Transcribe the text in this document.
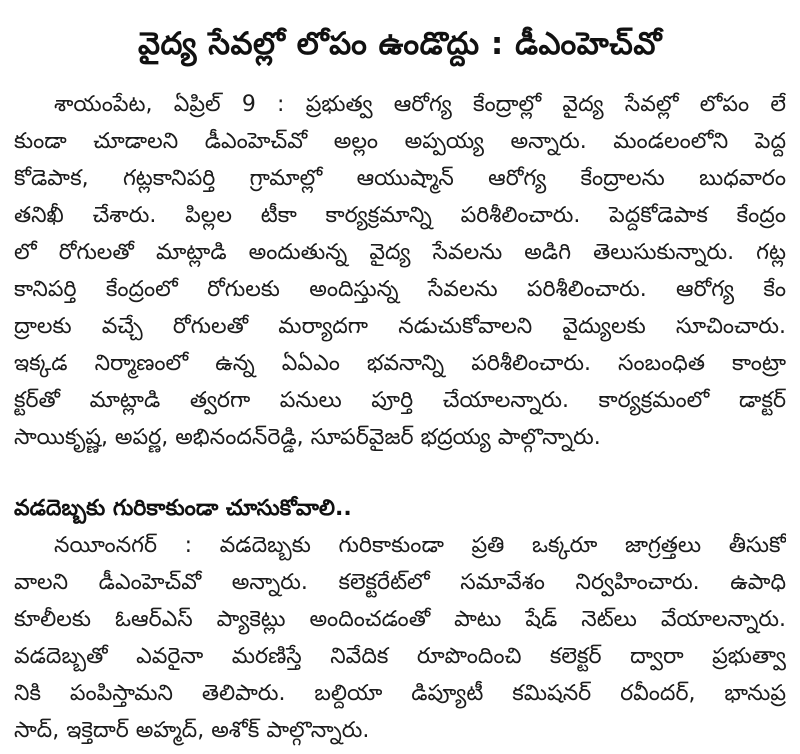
వైద్య సేవల్లో లోపం ఉండొద్దు : డీఎంహెచ్‌వో
శాయంపేట, ఏప్రిల్ 9 : ప్రభుత్వ ఆరోగ్య కేంద్రాల్లో వైద్య సేవల్లో లోపం లే
కుండా చూడాలని డీఎంహెచ్‌వో అల్లం అప్పయ్య అన్నారు. మండలంలోని పెద్ద
కోడెపాక, గట్లకానిపర్తి గ్రామాల్లో ఆయుష్మాన్ ఆరోగ్య కేంద్రాలను బుధవారం
తనిఖీ చేశారు. పిల్లల టీకా కార్యక్రమాన్ని పరిశీలించారు. పెద్దకోడెపాక కేంద్రం
లో రోగులతో మాట్లాడి అందుతున్న వైద్య సేవలను అడిగి తెలుసుకున్నారు. గట్ల
కానిపర్తి కేంద్రంలో రోగులకు అందిస్తున్న సేవలను పరిశీలించారు. ఆరోగ్య కేం
ద్రాలకు వచ్చే రోగులతో మర్యాదగా నడుచుకోవాలని వైద్యులకు సూచించారు.
ఇక్కడ నిర్మాణంలో ఉన్న ఏఏఎం భవనాన్ని పరిశీలించారు. సంబంధిత కాంట్రా
క్టర్‌తో మాట్లాడి త్వరగా పనులు పూర్తి చేయాలన్నారు. కార్యక్రమంలో డాక్టర్
సాయికృష్ణ, అపర్ణ, అభినందన్‌రెడ్డి, సూపర్‌వైజర్ భద్రయ్య పాల్గొన్నారు.
వడదెబ్బకు గురికాకుండా చూసుకోవాలి..
నయీంనగర్ : వడదెబ్బకు గురికాకుండా ప్రతి ఒక్కరూ జాగ్రత్తలు తీసుకో
వాలని డీఎంహెచ్‌వో అన్నారు. కలెక్టరేట్‌లో సమావేశం నిర్వహించారు. ఉపాధి
కూలీలకు ఓఆర్ఎస్ ప్యాకెట్లు అందించడంతో పాటు షేడ్ నెట్‌లు వేయాలన్నారు.
వడదెబ్బతో ఎవరైనా మరణిస్తే నివేదిక రూపొందించి కలెక్టర్ ద్వారా ప్రభుత్వా
నికి పంపిస్తామని తెలిపారు. బల్దియా డిప్యూటీ కమిషనర్ రవీందర్, భానుప్ర
సాద్, ఇక్తెదార్ అహ్మద్, అశోక్ పాల్గొన్నారు.
